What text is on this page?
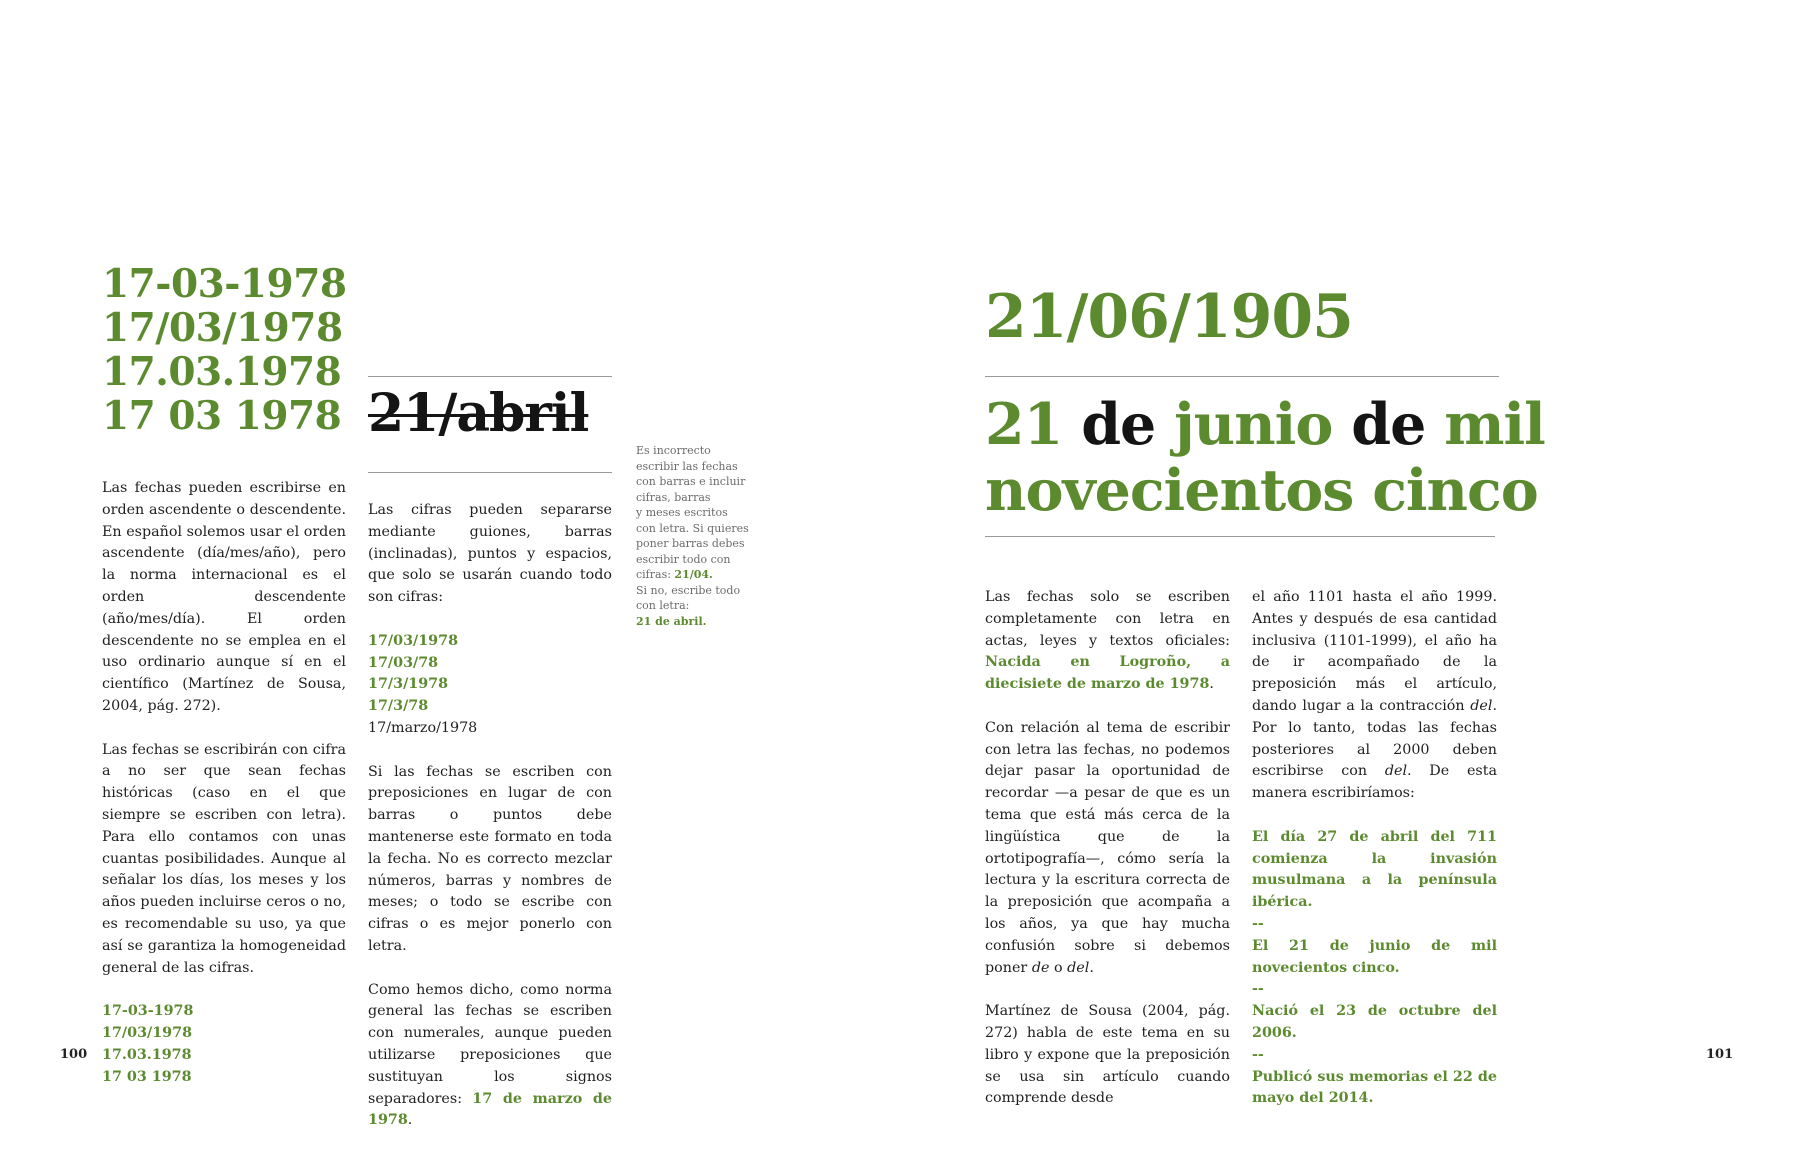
17-03-1978
17/03/1978
17.03.1978
17 03 1978

Las fechas pueden escribirse en orden ascendente o descendente. En español solemos usar el orden ascendente (día/mes/año), pero la norma internacional es el orden descendente (año/mes/día). El orden descendente no se emplea en el uso ordinario aunque sí en el científico (Martínez de Sousa, 2004, pág. 272).

Las fechas se escribirán con cifra a no ser que sean fechas históricas (caso en el que siempre se escriben con letra). Para ello contamos con unas cuantas posibilidades. Aunque al señalar los días, los meses y los años pueden incluirse ceros o no, es recomendable su uso, ya que así se garantiza la homogeneidad general de las cifras.

17-03-1978
17/03/1978
17.03.1978
17 03 1978
21/abril

Las cifras pueden separarse mediante guiones, barras (inclinadas), puntos y espacios, que solo se usarán cuando todo son cifras:

17/03/1978
17/03/78
17/3/1978
17/3/78
17/marzo/1978

Si las fechas se escriben con preposiciones en lugar de con barras o puntos debe mantenerse este formato en toda la fecha. No es correcto mezclar números, barras y nombres de meses; o todo se escribe con cifras o es mejor ponerlo con letra.

Como hemos dicho, como norma general las fechas se escriben con numerales, aunque pueden utilizarse preposiciones que sustituyan los signos separadores: 17 de marzo de 1978.

Es incorrecto
escribir las fechas
con barras e incluir
cifras, barras
y meses escritos
con letra. Si quieres
poner barras debes
escribir todo con
cifras: 21/04.
Si no, escribe todo
con letra:
21 de abril.
100
21/06/1905
21 de junio de mil
novecientos cinco

Las fechas solo se escriben completamente con letra en actas, leyes y textos oficiales: Nacida en Logroño, a diecisiete de marzo de 1978.

Con relación al tema de escribir con letra las fechas, no podemos dejar pasar la oportunidad de recordar —a pesar de que es un tema que está más cerca de la lingüística que de la ortotipografía—, cómo sería la lectura y la escritura correcta de la preposición que acompaña a los años, ya que hay mucha confusión sobre si debemos poner de o del.

Martínez de Sousa (2004, pág. 272) habla de este tema en su libro y expone que la preposición se usa sin artículo cuando comprende desde

el año 1101 hasta el año 1999. Antes y después de esa cantidad inclusiva (1101-1999), el año ha de ir acompañado de la preposición más el artículo, dando lugar a la contracción del. Por lo tanto, todas las fechas posteriores al 2000 deben escribirse con del. De esta manera escribiríamos:

El día 27 de abril del 711 comienza la invasión musulmana a la península ibérica.
--
El 21 de junio de mil novecientos cinco.
--
Nació el 23 de octubre del 2006.
--
Publicó sus memorias el 22 de mayo del 2014.
101
